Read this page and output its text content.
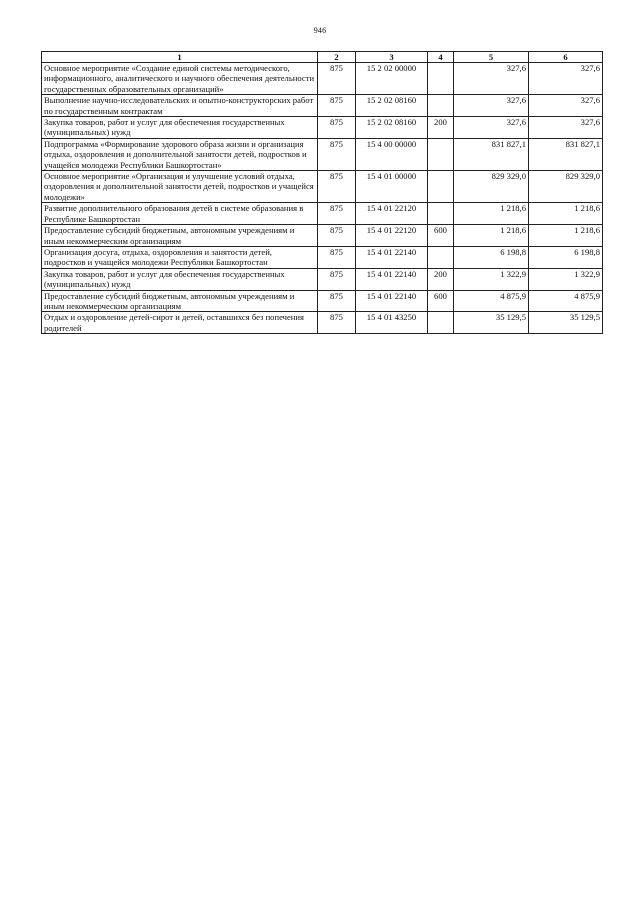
946
1	2	3	4	5	6
Основное мероприятие «Создание единой системы методического, информационного, аналитического и научного обеспечения деятельности государственных образовательных организаций»	875	15 2 02 00000		327,6	327,6
Выполнение научно-исследовательских и опытно-конструкторских работ по государственным контрактам	875	15 2 02 08160		327,6	327,6
Закупка товаров, работ и услуг для обеспечения государственных (муниципальных) нужд	875	15 2 02 08160	200	327,6	327,6
Подпрограмма «Формирование здорового образа жизни и организация отдыха, оздоровления и дополнительной занятости детей, подростков и учащейся молодежи Республики Башкортостан»	875	15 4 00 00000		831 827,1	831 827,1
Основное мероприятие «Организация и улучшение условий отдыха, оздоровления и дополнительной занятости детей, подростков и учащейся молодежи»	875	15 4 01 00000		829 329,0	829 329,0
Развитие дополнительного образования детей в системе образования в Республике Башкортостан	875	15 4 01 22120		1 218,6	1 218,6
Предоставление субсидий бюджетным, автономным учреждениям и иным некоммерческим организациям	875	15 4 01 22120	600	1 218,6	1 218,6
Организация досуга, отдыха, оздоровления и занятости детей, подростков и учащейся молодежи Республики Башкортостан	875	15 4 01 22140		6 198,8	6 198,8
Закупка товаров, работ и услуг для обеспечения государственных (муниципальных) нужд	875	15 4 01 22140	200	1 322,9	1 322,9
Предоставление субсидий бюджетным, автономным учреждениям и иным некоммерческим организациям	875	15 4 01 22140	600	4 875,9	4 875,9
Отдых и оздоровление детей-сирот и детей, оставшихся без попечения родителей	875	15 4 01 43250		35 129,5	35 129,5
